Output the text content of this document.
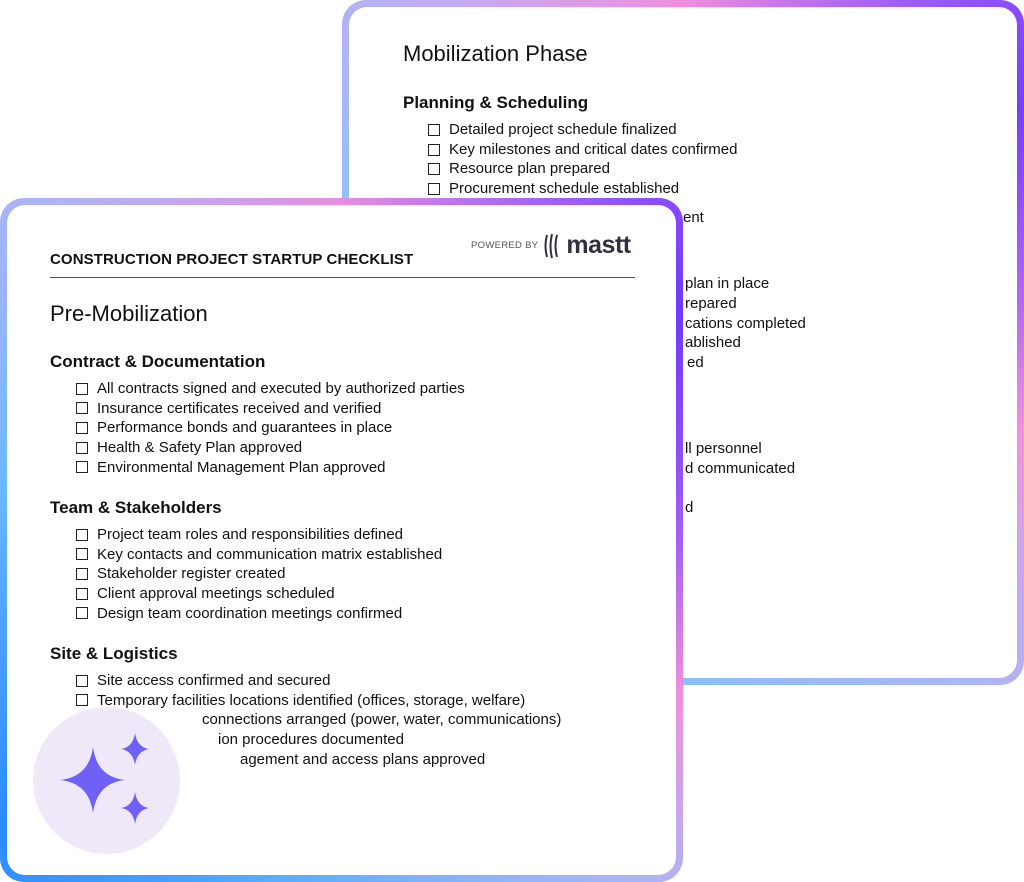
Mobilization Phase
Planning & Scheduling
Detailed project schedule finalized
Key milestones and critical dates confirmed
Resource plan prepared
Procurement schedule established
ent
plan in place
repared
cations completed
ablished
ed
ll personnel
d communicated
d
CONSTRUCTION PROJECT STARTUP CHECKLIST
POWERED BY mastt
Pre-Mobilization
Contract & Documentation
All contracts signed and executed by authorized parties
Insurance certificates received and verified
Performance bonds and guarantees in place
Health & Safety Plan approved
Environmental Management Plan approved
Team & Stakeholders
Project team roles and responsibilities defined
Key contacts and communication matrix established
Stakeholder register created
Client approval meetings scheduled
Design team coordination meetings confirmed
Site & Logistics
Site access confirmed and secured
Temporary facilities locations identified (offices, storage, welfare)
connections arranged (power, water, communications)
ion procedures documented
agement and access plans approved
